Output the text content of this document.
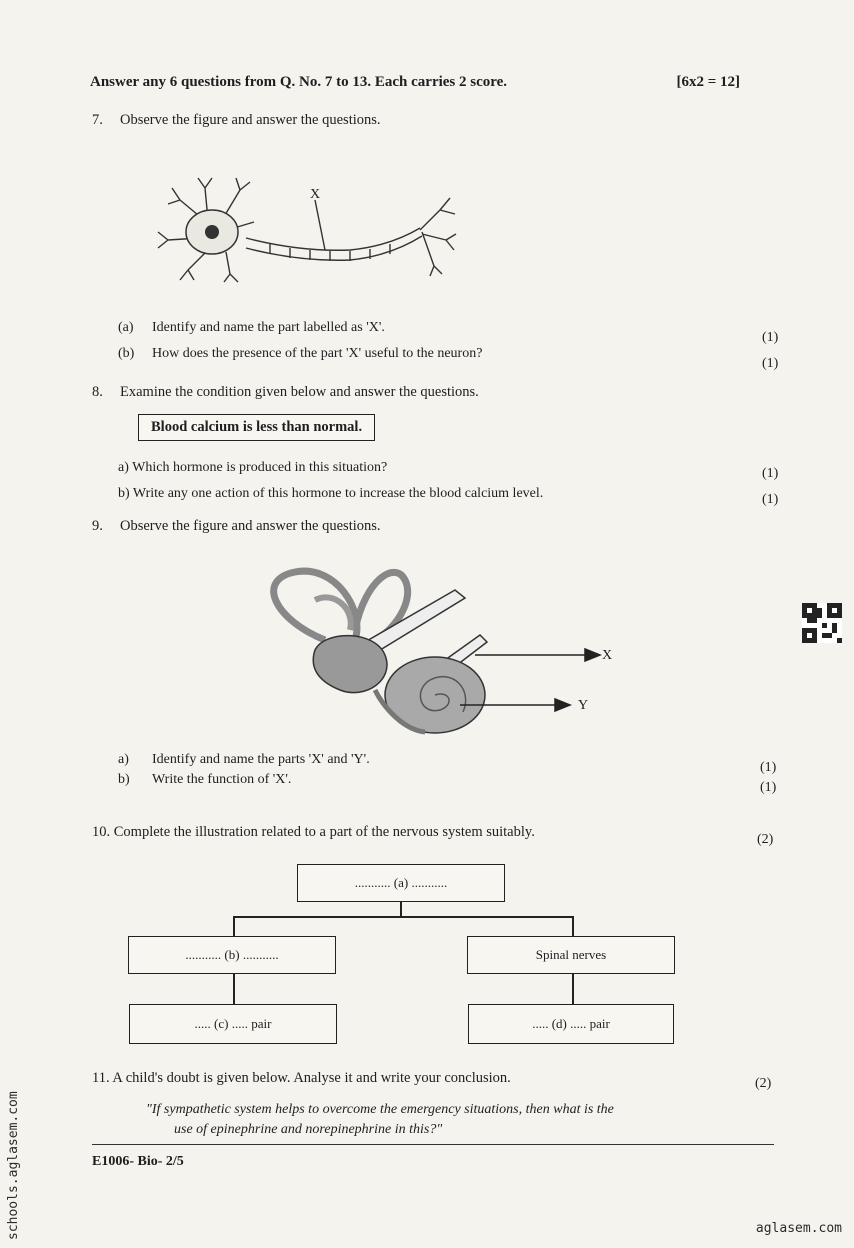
Answer any 6 questions from Q. No. 7 to 13. Each carries 2 score.	[6x2 = 12]
7. Observe the figure and answer the questions.
X
(a) Identify and name the part labelled as 'X'.
(1)
(b) How does the presence of the part 'X' useful to the neuron?
(1)
8. Examine the condition given below and answer the questions.
Blood calcium is less than normal.
a) Which hormone is produced in this situation?	(1)
b) Write any one action of this hormone to increase the blood calcium level.	(1)
9. Observe the figure and answer the questions.
X
Y
a) Identify and name the parts 'X' and 'Y'.
(1)
b) Write the function of 'X'.
(1)
10. Complete the illustration related to a part of the nervous system suitably.	(2)
........... (a) ...........
........... (b) ...........	Spinal nerves
..... (c) ..... pair	..... (d) ..... pair
11. A child's doubt is given below. Analyse it and write your conclusion.	(2)
"If sympathetic system helps to overcome the emergency situations, then what is the
use of epinephrine and norepinephrine in this?"
E1006- Bio- 2/5
schools.aglasem.com	aglasem.com
